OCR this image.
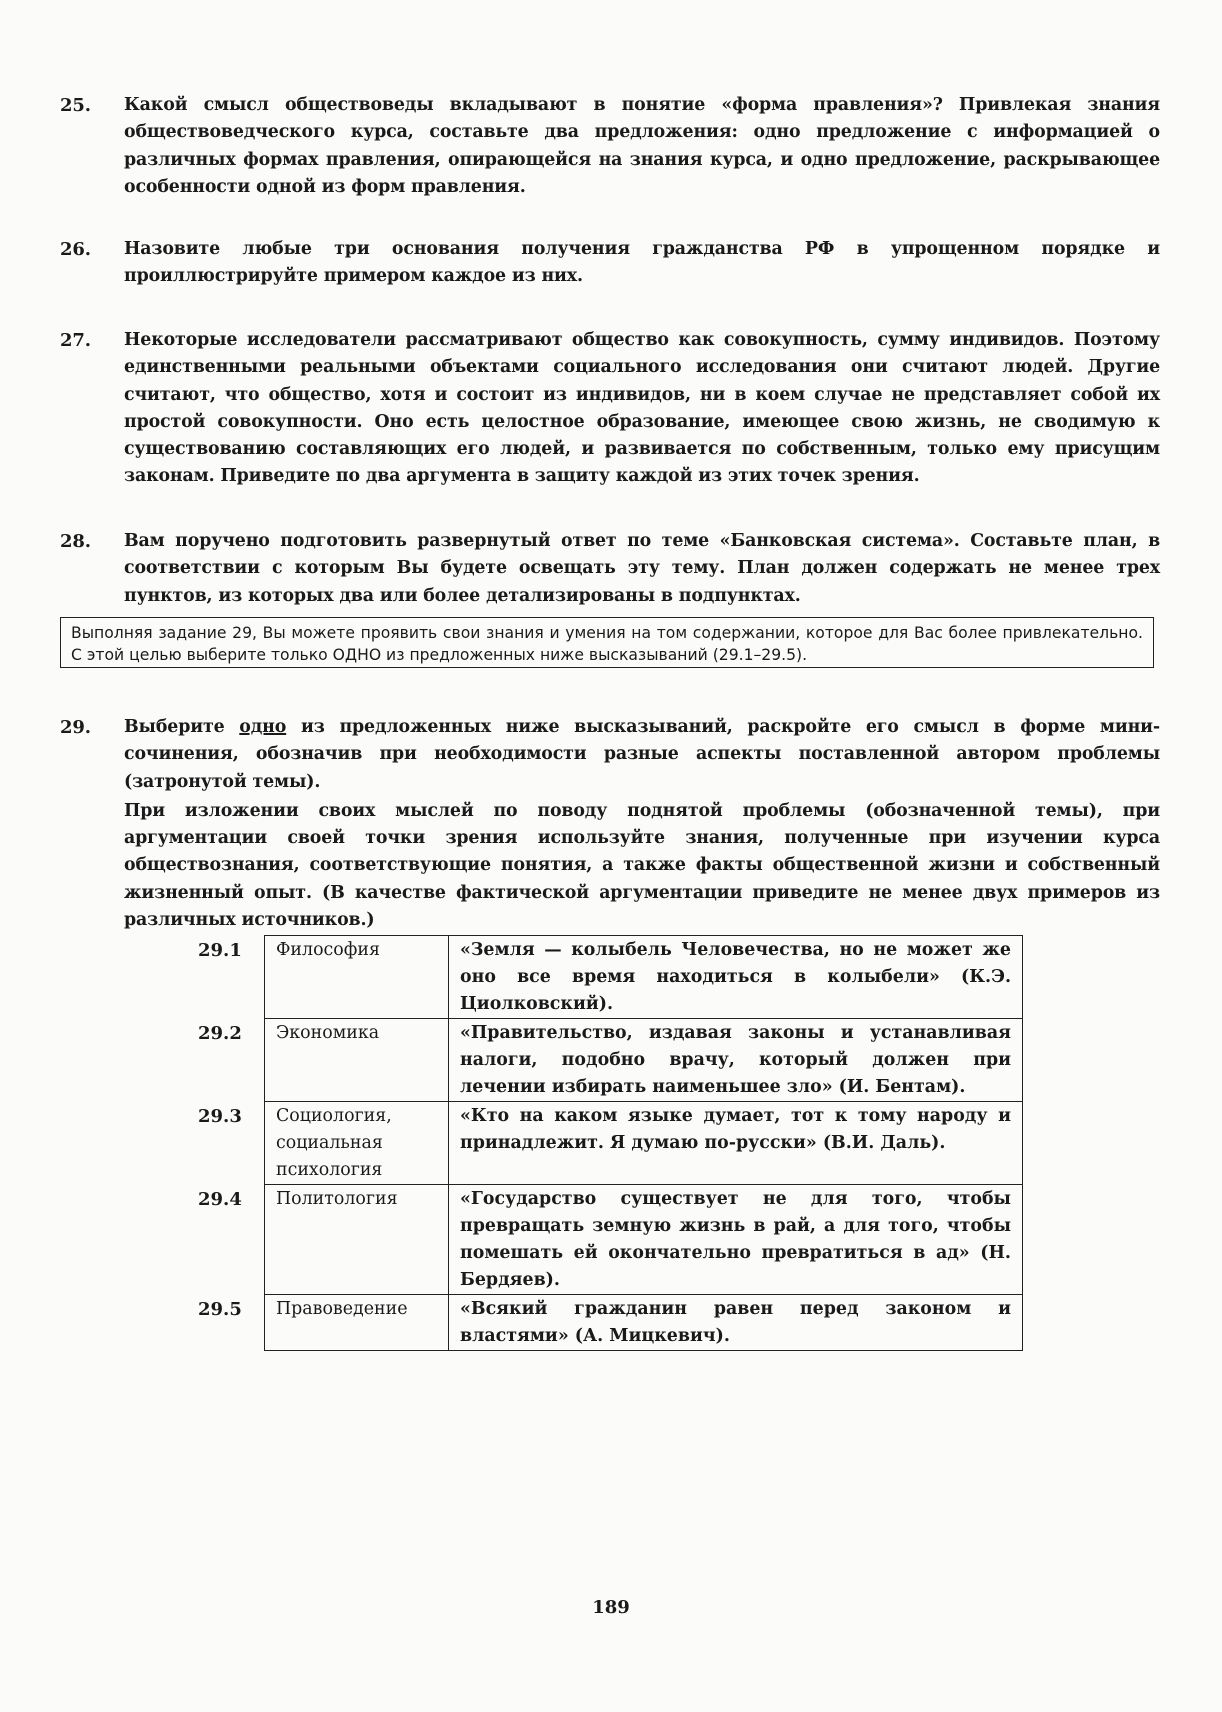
25. Какой смысл обществоведы вкладывают в понятие «форма правления»? Привлекая знания обществоведческого курса, составьте два предложения: одно предложение с информацией о различных формах правления, опирающейся на знания курса, и одно предложение, раскрывающее особенности одной из форм правления.
26. Назовите любые три основания получения гражданства РФ в упрощенном порядке и проиллюстрируйте примером каждое из них.
27. Некоторые исследователи рассматривают общество как совокупность, сумму индивидов. Поэтому единственными реальными объектами социального исследования они считают людей. Другие считают, что общество, хотя и состоит из индивидов, ни в коем случае не представляет собой их простой совокупности. Оно есть целостное образование, имеющее свою жизнь, не сводимую к существованию составляющих его людей, и развивается по собственным, только ему присущим законам. Приведите по два аргумента в защиту каждой из этих точек зрения.
28. Вам поручено подготовить развернутый ответ по теме «Банковская система». Составьте план, в соответствии с которым Вы будете освещать эту тему. План должен содержать не менее трех пунктов, из которых два или более детализированы в подпунктах.
Выполняя задание 29, Вы можете проявить свои знания и умения на том содержании, которое для Вас более привлекательно. С этой целью выберите только ОДНО из предложенных ниже высказываний (29.1–29.5).
29. Выберите одно из предложенных ниже высказываний, раскройте его смысл в форме мини-сочинения, обозначив при необходимости разные аспекты поставленной автором проблемы (затронутой темы).

При изложении своих мыслей по поводу поднятой проблемы (обозначенной темы), при аргументации своей точки зрения используйте знания, полученные при изучении курса обществознания, соответствующие понятия, а также факты общественной жизни и собственный жизненный опыт. (В качестве фактической аргументации приведите не менее двух примеров из различных источников.)

29.1	Философия	«Земля — колыбель Человечества, но не может же оно все время находиться в колыбели» (К.Э. Циолковский).
29.2	Экономика	«Правительство, издавая законы и устанавливая налоги, подобно врачу, который должен при лечении избирать наименьшее зло» (И. Бентам).
29.3	Социология, социальная психология	«Кто на каком языке думает, тот к тому народу и принадлежит. Я думаю по-русски» (В.И. Даль).
29.4	Политология	«Государство существует не для того, чтобы превращать земную жизнь в рай, а для того, чтобы помешать ей окончательно превратиться в ад» (Н. Бердяев).
29.5	Правоведение	«Всякий гражданин равен перед законом и властями» (А. Мицкевич).
189
